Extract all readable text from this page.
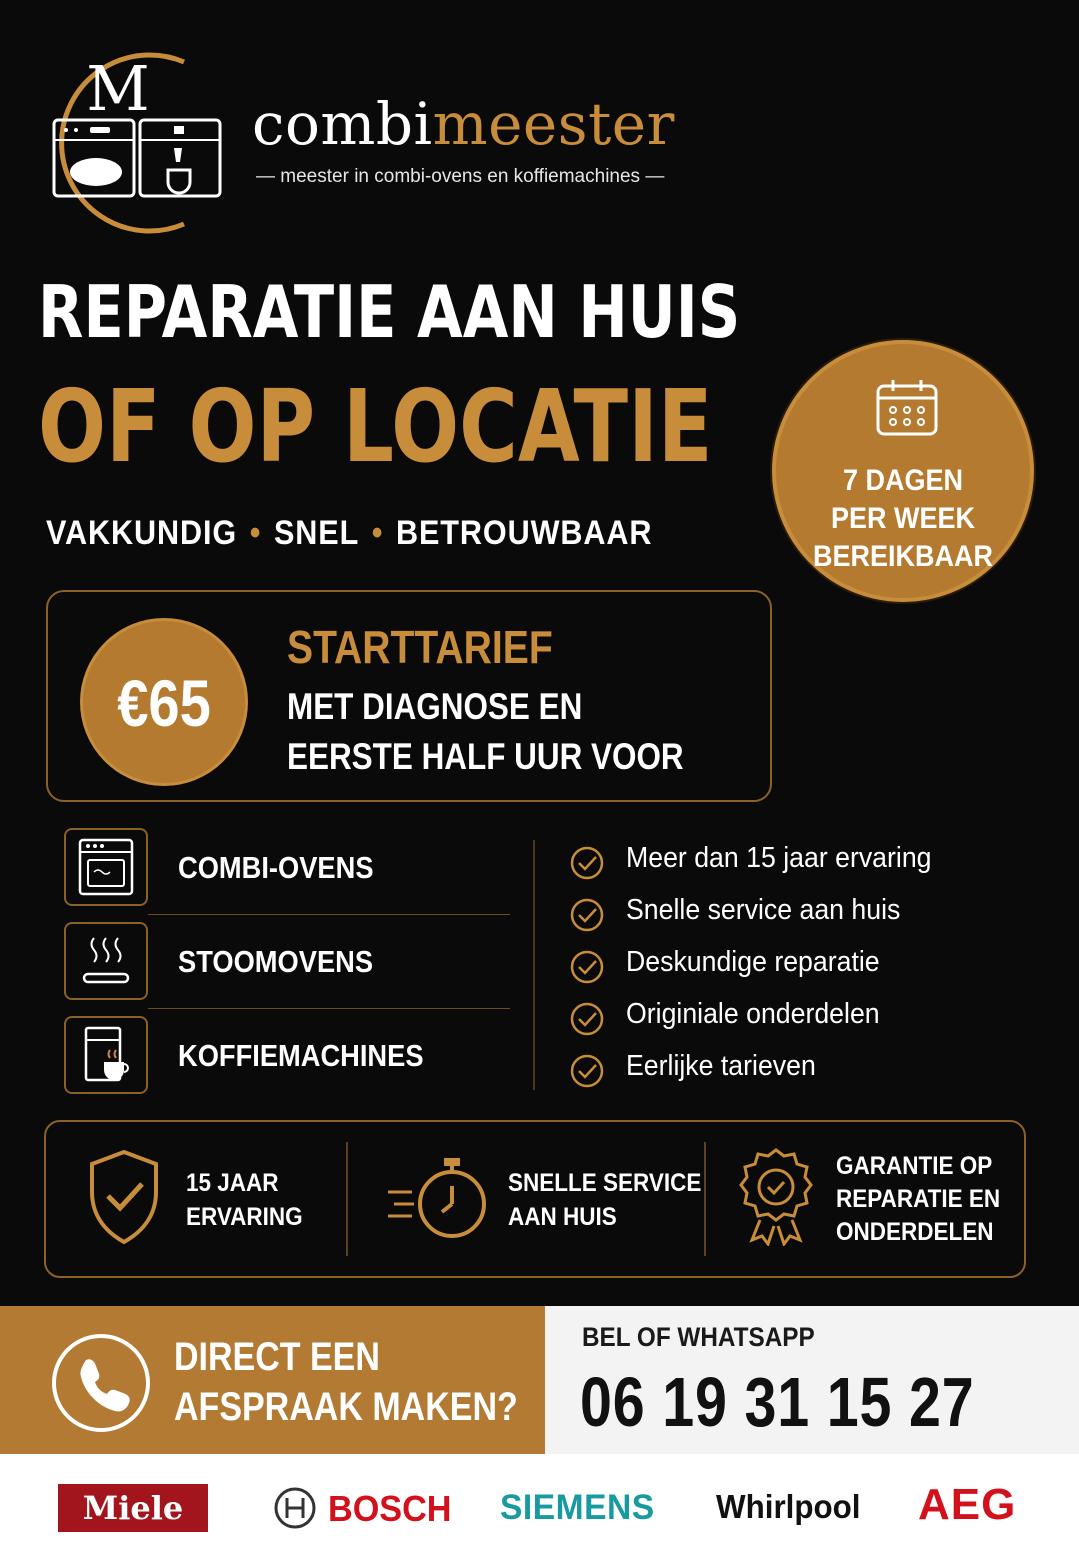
M combimeester
— meester in combi-ovens en koffiemachines —
REPARATIE AAN HUIS
OF OP LOCATIE
VAKKUNDIG • SNEL • BETROUWBAAR
7 DAGEN
PER WEEK
BEREIKBAAR
€65
STARTTARIEF
MET DIAGNOSE EN
EERSTE HALF UUR VOOR
COMBI-OVENS
STOOMOVENS
KOFFIEMACHINES
Meer dan 15 jaar ervaring
Snelle service aan huis
Deskundige reparatie
Originiale onderdelen
Eerlijke tarieven
15 JAAR
ERVARING
SNELLE SERVICE
AAN HUIS
GARANTIE OP
REPARATIE EN
ONDERDELEN
DIRECT EEN
AFSPRAAK MAKEN?
BEL OF WHATSAPP
06 19 31 15 27
Miele	BOSCH SIEMENS Whirlpool AEG
